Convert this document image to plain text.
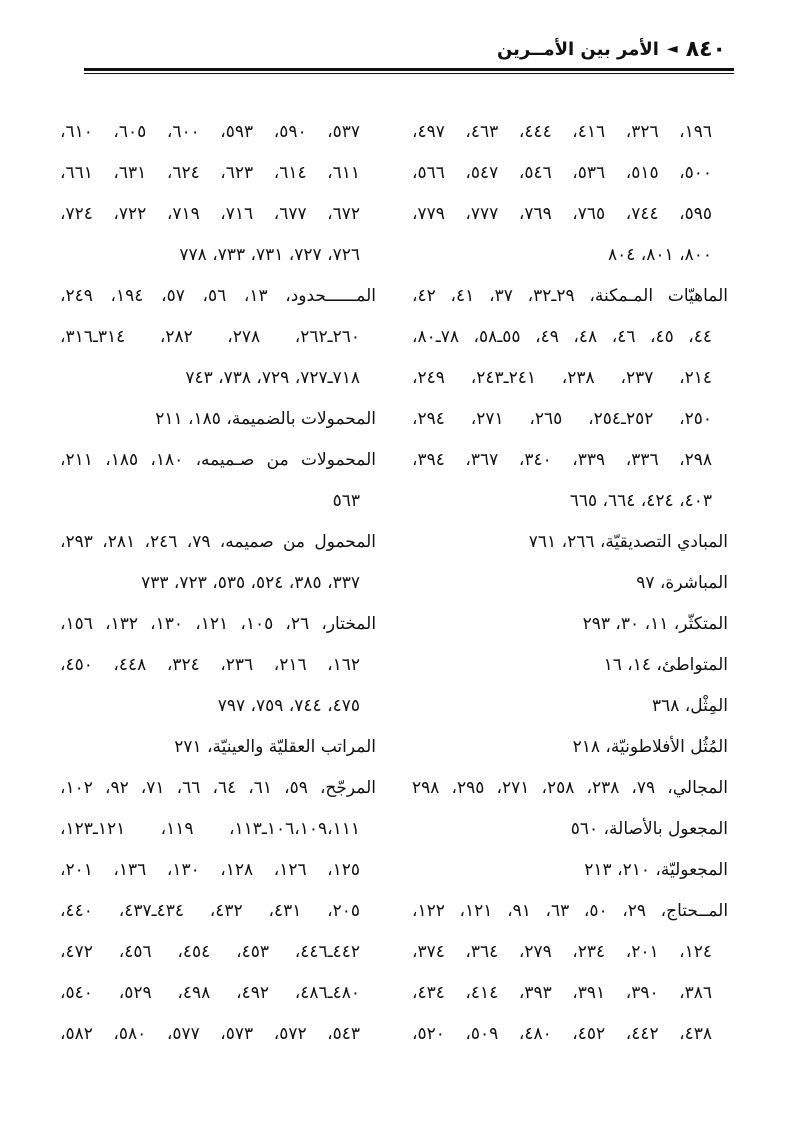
٨٤٠
◄
الأمر بين الأمــرين
١٩٦، ٣٢٦، ٤١٦، ٤٤٤، ٤٦٣، ٤٩٧،
٥٠٠، ٥١٥، ٥٣٦، ٥٤٦، ٥٤٧، ٥٦٦،
٥٩٥، ٧٤٤، ٧٦٥، ٧٦٩، ٧٧٧، ٧٧٩،
٨٠٠، ٨٠١، ٨٠٤
الماهيّات المـمكنة، ٢٩ـ٣٢، ٣٧، ٤١، ٤٢،
٤٤، ٤٥، ٤٦، ٤٨، ٤٩، ٥٥ـ٥٨، ٧٨ـ٨٠،
٢١٤، ٢٣٧، ٢٣٨، ٢٤١ـ٢٤٣، ٢٤٩،
٢٥٠، ٢٥٢ـ٢٥٤، ٢٦٥، ٢٧١، ٢٩٤،
٢٩٨، ٣٣٦، ٣٣٩، ٣٤٠، ٣٦٧، ٣٩٤،
٤٠٣، ٤٢٤، ٦٦٤، ٦٦٥
المبادي التصديقيّة، ٢٦٦، ٧٦١
المباشرة، ٩٧
المتكثّر، ١١، ٣٠، ٢٩٣
المتواطئ، ١٤، ١٦
المِثْل، ٣٦٨
المُثُل الأفلاطونيّة، ٢١٨
المجالي، ٧٩، ٢٣٨، ٢٥٨، ٢٧١، ٢٩٥، ٢٩٨
المجعول بالأصالة، ٥٦٠
المجعوليّة، ٢١٠، ٢١٣
المــحتاج، ٢٩، ٥٠، ٦٣، ٩١، ١٢١، ١٢٢،
١٢٤، ٢٠١، ٢٣٤، ٢٧٩، ٣٦٤، ٣٧٤،
٣٨٦، ٣٩٠، ٣٩١، ٣٩٣، ٤١٤، ٤٣٤،
٤٣٨، ٤٤٢، ٤٥٢، ٤٨٠، ٥٠٩، ٥٢٠،
٥٣٧، ٥٩٠، ٥٩٣، ٦٠٠، ٦٠٥، ٦١٠،
٦١١، ٦١٤، ٦٢٣، ٦٢٤، ٦٣١، ٦٦١،
٦٧٢، ٦٧٧، ٧١٦، ٧١٩، ٧٢٢، ٧٢٤،
٧٢٦، ٧٢٧، ٧٣١، ٧٣٣، ٧٧٨
المــــــحدود، ١٣، ٥٦، ٥٧، ١٩٤، ٢٤٩،
٢٦٠ـ٢٦٢، ٢٧٨، ٢٨٢، ٣١٤ـ٣١٦،
٧١٨ـ٧٢٧، ٧٢٩، ٧٣٨، ٧٤٣
المحمولات بالضميمة، ١٨٥، ٢١١
المحمولات من صـميمه، ١٨٠، ١٨٥، ٢١١،
٥٦٣
المحمول من صميمه، ٧٩، ٢٤٦، ٢٨١، ٢٩٣،
٣٣٧، ٣٨٥، ٥٢٤، ٥٣٥، ٧٢٣، ٧٣٣
المختار، ٢٦، ١٠٥، ١٢١، ١٣٠، ١٣٢، ١٥٦،
١٦٢، ٢١٦، ٢٣٦، ٣٢٤، ٤٤٨، ٤٥٠،
٤٧٥، ٧٤٤، ٧٥٩، ٧٩٧
المراتب العقليّة والعينيّة، ٢٧١
المرجّح، ٥٩، ٦١، ٦٤، ٦٦، ٧١، ٩٢، ١٠٢،
١٠٦،١٠٩،١١١ـ١١٣، ١١٩، ١٢١ـ١٢٣،
١٢٥، ١٢٦، ١٢٨، ١٣٠، ١٣٦، ٢٠١،
٢٠٥، ٤٣١، ٤٣٢، ٤٣٤ـ٤٣٧، ٤٤٠،
٤٤٢ـ٤٤٦، ٤٥٣، ٤٥٤، ٤٥٦، ٤٧٢،
٤٨٠ـ٤٨٦، ٤٩٢، ٤٩٨، ٥٢٩، ٥٤٠،
٥٤٣، ٥٧٢، ٥٧٣، ٥٧٧، ٥٨٠، ٥٨٢،
